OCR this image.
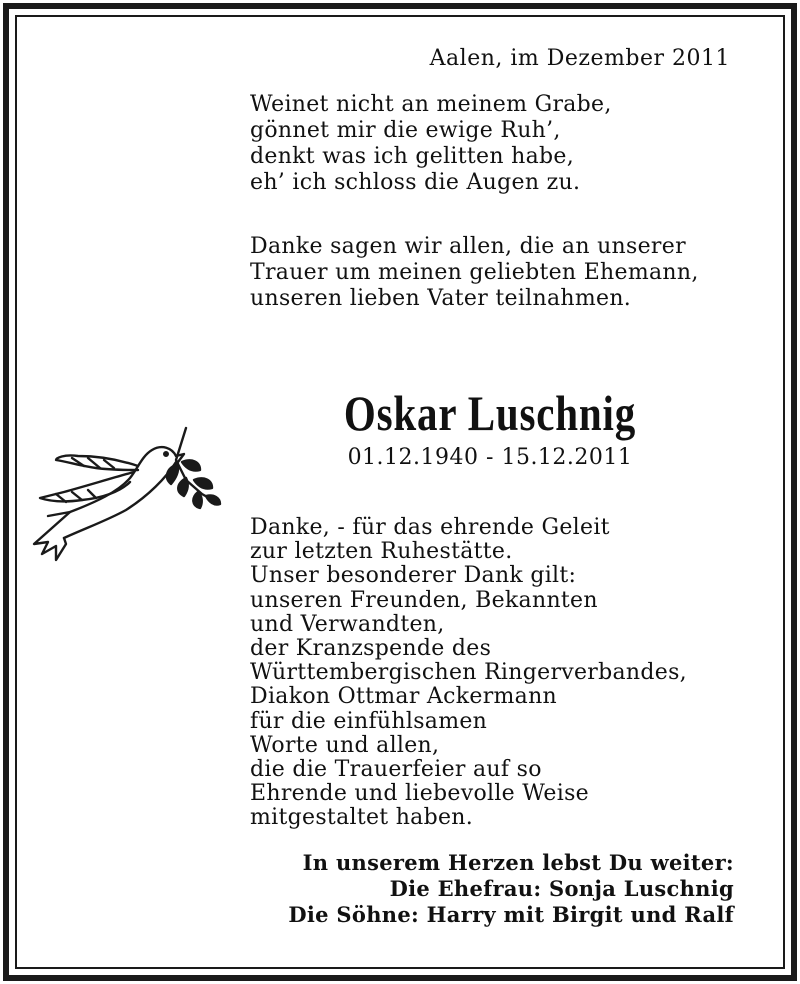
Aalen, im Dezember 2011
Weinet nicht an meinem Grabe,
gönnet mir die ewige Ruh’,
denkt was ich gelitten habe,
eh’ ich schloss die Augen zu.
Danke sagen wir allen, die an unserer
Trauer um meinen geliebten Ehemann,
unseren lieben Vater teilnahmen.
Oskar Luschnig
01.12.1940 - 15.12.2011
Danke, - für das ehrende Geleit
zur letzten Ruhestätte.
Unser besonderer Dank gilt:
unseren Freunden, Bekannten
und Verwandten,
der Kranzspende des
Württembergischen Ringerverbandes,
Diakon Ottmar Ackermann
für die einfühlsamen
Worte und allen,
die die Trauerfeier auf so
Ehrende und liebevolle Weise
mitgestaltet haben.
In unserem Herzen lebst Du weiter:
Die Ehefrau: Sonja Luschnig
Die Söhne: Harry mit Birgit und Ralf
